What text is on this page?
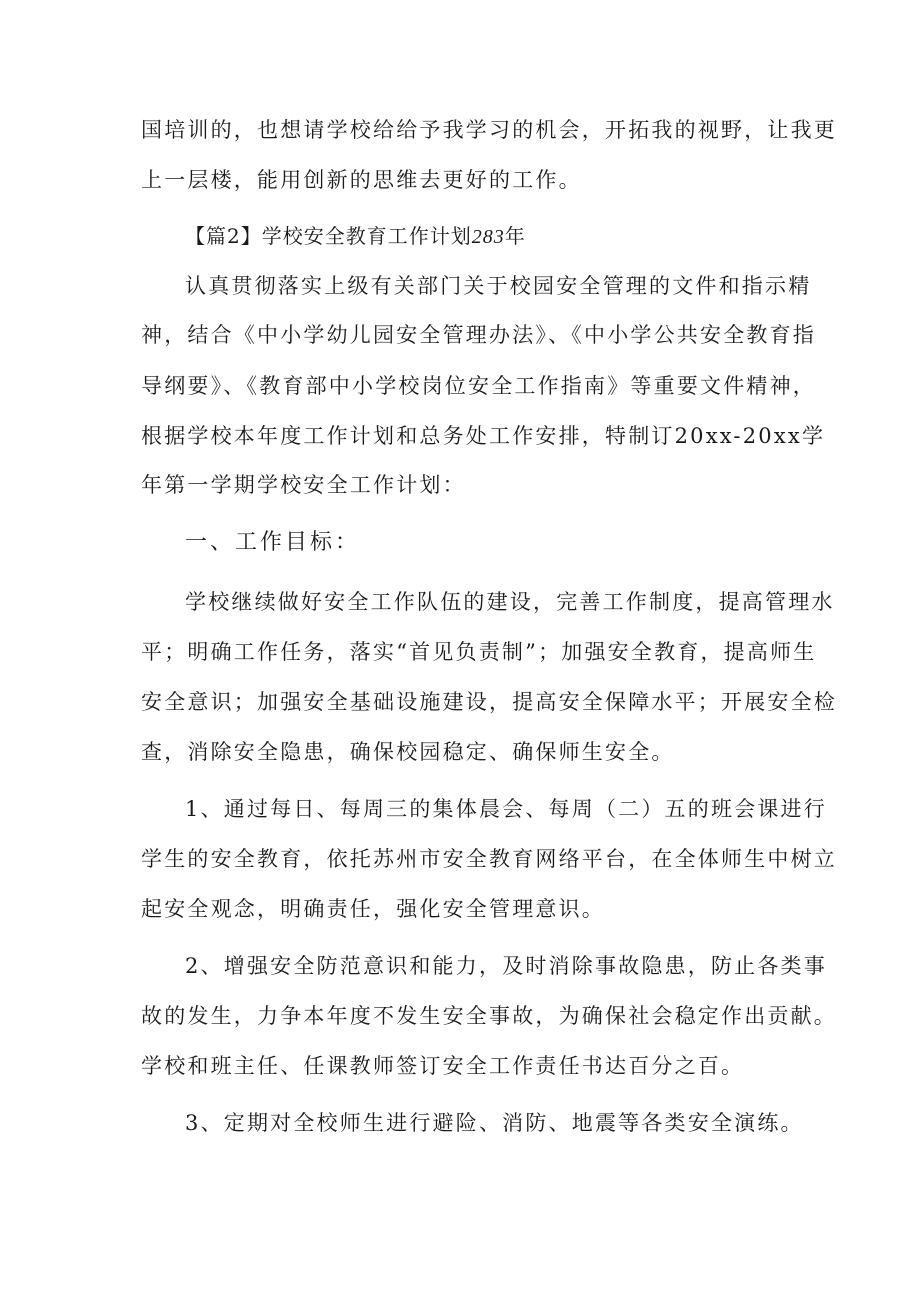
国培训的，也想请学校给给予我学习的机会，开拓我的视野，让我更
上一层楼，能用创新的思维去更好的工作。
【篇2】学校安全教育工作计划283年
认真贯彻落实上级有关部门关于校园安全管理的文件和指示精
神，结合《中小学幼儿园安全管理办法》、《中小学公共安全教育指
导纲要》、《教育部中小学校岗位安全工作指南》等重要文件精神，
根据学校本年度工作计划和总务处工作安排，特制订20xx-20xx学
年第一学期学校安全工作计划：
一、工作目标：
学校继续做好安全工作队伍的建设，完善工作制度，提高管理水
平；明确工作任务，落实“首见负责制”；加强安全教育，提高师生
安全意识；加强安全基础设施建设，提高安全保障水平；开展安全检
查，消除安全隐患，确保校园稳定、确保师生安全。
1、通过每日、每周三的集体晨会、每周（二）五的班会课进行
学生的安全教育，依托苏州市安全教育网络平台，在全体师生中树立
起安全观念，明确责任，强化安全管理意识。
2、增强安全防范意识和能力，及时消除事故隐患，防止各类事
故的发生，力争本年度不发生安全事故，为确保社会稳定作出贡献。
学校和班主任、任课教师签订安全工作责任书达百分之百。
3、定期对全校师生进行避险、消防、地震等各类安全演练。
